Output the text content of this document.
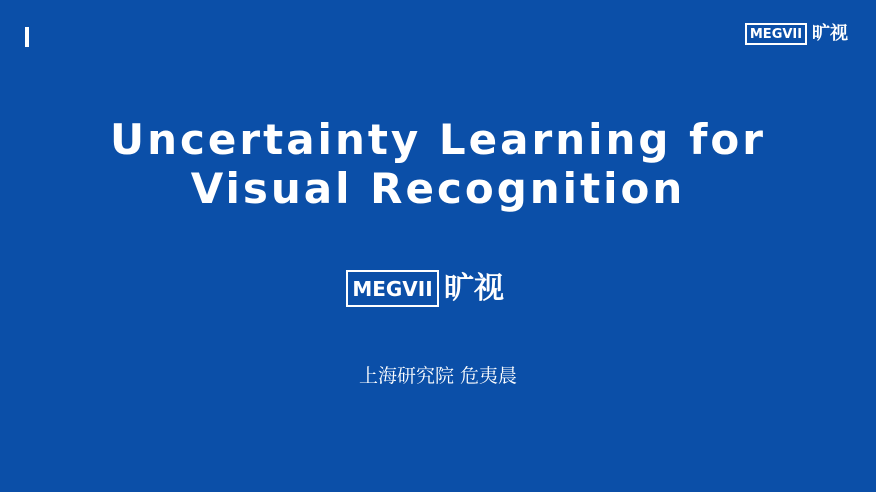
MEGVII 旷视
Uncertainty Learning for
Visual Recognition
MEGVII 旷视
上海研究院 危夷晨
